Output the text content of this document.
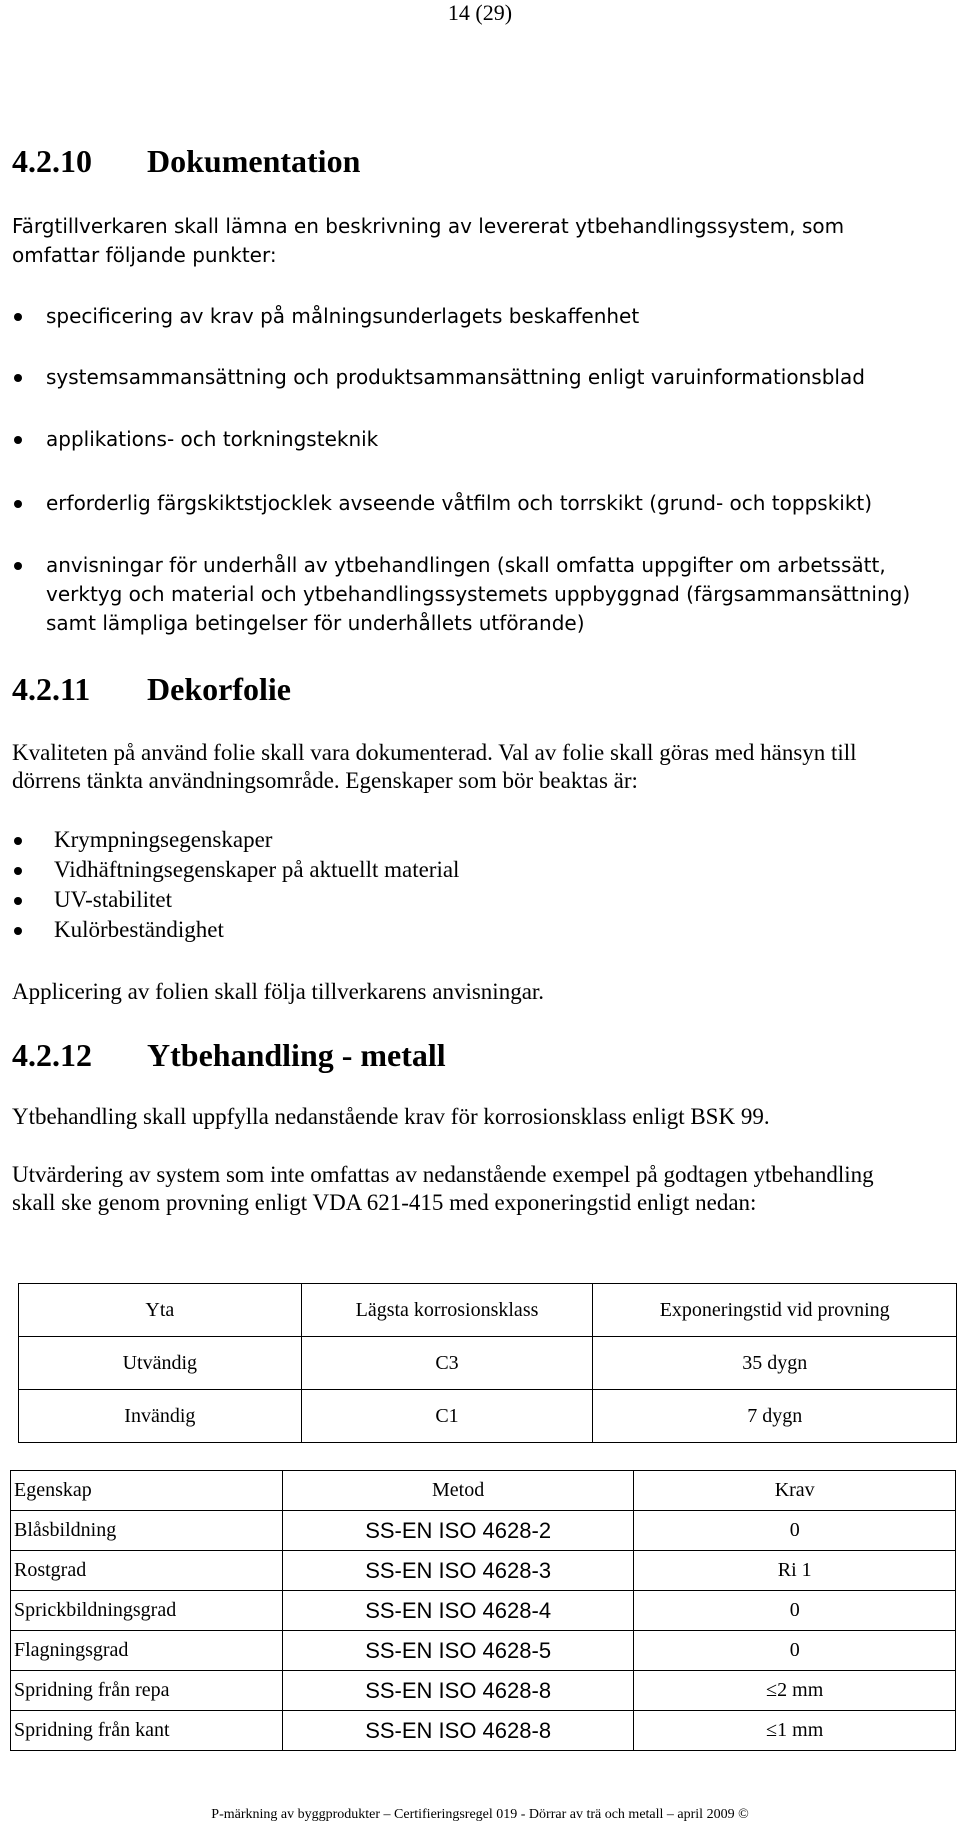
14 (29)
4.2.10 Dokumentation
Färgtillverkaren skall lämna en beskrivning av levererat ytbehandlingssystem, som omfattar följande punkter:
specificering av krav på målningsunderlagets beskaffenhet
systemsammansättning och produktsammansättning enligt varuinformationsblad
applikations- och torkningsteknik
erforderlig färgskiktstjocklek avseende våtfilm och torrskikt (grund- och toppskikt)
anvisningar för underhåll av ytbehandlingen (skall omfatta uppgifter om arbetssätt, verktyg och material och ytbehandlingssystemets uppbyggnad (färgsammansättning) samt lämpliga betingelser för underhållets utförande)
4.2.11 Dekorfolie
Kvaliteten på använd folie skall vara dokumenterad. Val av folie skall göras med hänsyn till dörrens tänkta användningsområde. Egenskaper som bör beaktas är:
Krympningsegenskaper
Vidhäftningsegenskaper på aktuellt material
UV-stabilitet
Kulörbeständighet
Applicering av folien skall följa tillverkarens anvisningar.
4.2.12 Ytbehandling - metall
Ytbehandling skall uppfylla nedanstående krav för korrosionsklass enligt BSK 99.
Utvärdering av system som inte omfattas av nedanstående exempel på godtagen ytbehandling skall ske genom provning enligt VDA 621-415 med exponeringstid enligt nedan:
Yta	Lägsta korrosionsklass	Exponeringstid vid provning
Utvändig	C3	35 dygn
Invändig	C1	7 dygn
Egenskap	Metod	Krav
Blåsbildning	SS-EN ISO 4628-2	0
Rostgrad	SS-EN ISO 4628-3	Ri 1
Sprickbildningsgrad	SS-EN ISO 4628-4	0
Flagningsgrad	SS-EN ISO 4628-5	0
Spridning från repa	SS-EN ISO 4628-8	≤2 mm
Spridning från kant	SS-EN ISO 4628-8	≤1 mm
P-märkning av byggprodukter – Certifieringsregel 019 - Dörrar av trä och metall – april 2009 ©
